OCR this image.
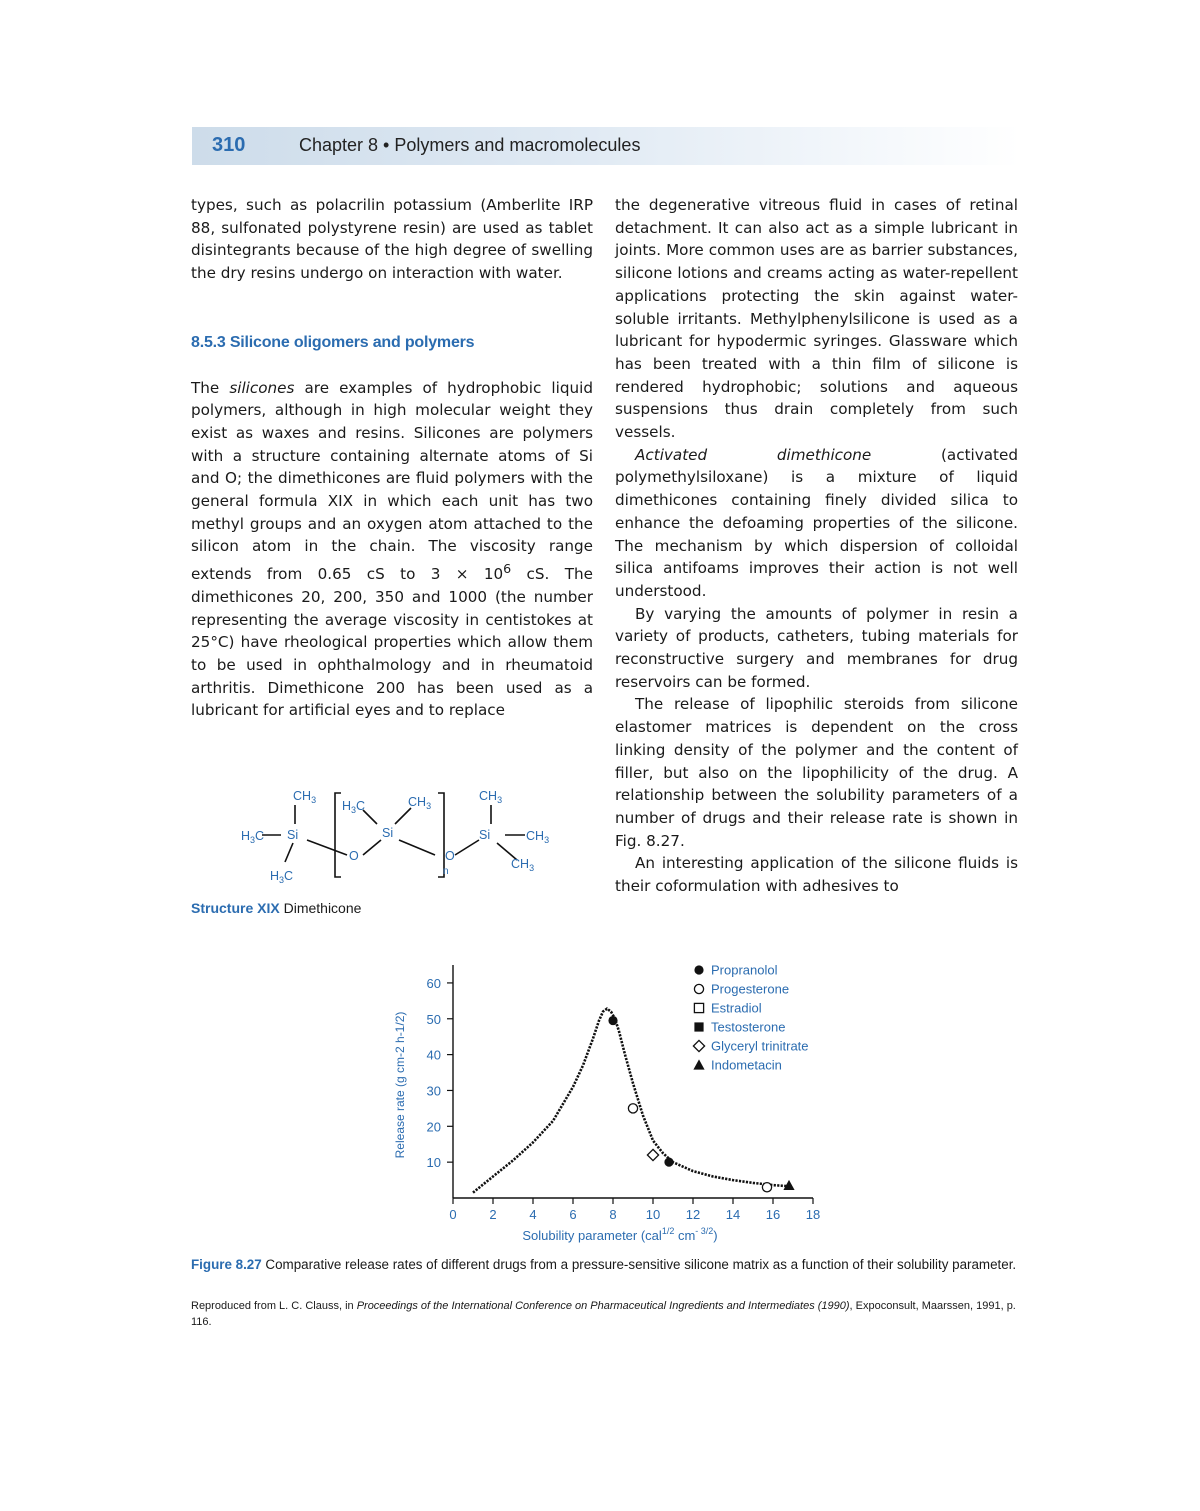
310	Chapter 8 • Polymers and macromolecules

types, such as polacrilin potassium (Amberlite IRP 88, sulfonated polystyrene resin) are used as tablet disintegrants because of the high degree of swelling the dry resins undergo on interaction with water.

8.5.3 Silicone oligomers and polymers

The silicones are examples of hydrophobic liquid polymers, although in high molecular weight they exist as waxes and resins. Silicones are polymers with a structure containing alternate atoms of Si and O; the dimethicones are fluid polymers with the general formula XIX in which each unit has two methyl groups and an oxygen atom attached to the silicon atom in the chain. The viscosity range extends from 0.65 cS to $3 \times 10^6$ cS. The dimethicones 20, 200, 350 and 1000 (the number representing the average viscosity in centistokes at 25°C) have rheological properties which allow them to be used in ophthalmology and in rheumatoid arthritis. Dimethicone 200 has been used as a lubricant for artificial eyes and to replace

the degenerative vitreous fluid in cases of retinal detachment. It can also act as a simple lubricant in joints. More common uses are as barrier substances, silicone lotions and creams acting as water-repellent applications protecting the skin against water-soluble irritants. Methylphenylsilicone is used as a lubricant for hypodermic syringes. Glassware which has been treated with a thin film of silicone is rendered hydrophobic; solutions and aqueous suspensions thus drain completely from such vessels.

Activated dimethicone (activated polymethylsiloxane) is a mixture of liquid dimethicones containing finely divided silica to enhance the defoaming properties of the silicone. The mechanism by which dispersion of colloidal silica antifoams improves their action is not well understood.

By varying the amounts of polymer in resin a variety of products, catheters, tubing materials for reconstructive surgery and membranes for drug reservoirs can be formed.

The release of lipophilic steroids from silicone elastomer matrices is dependent on the cross linking density of the polymer and the content of filler, but also on the lipophilicity of the drug. A relationship between the solubility parameters of a number of drugs and their release rate is shown in Fig. 8.27.

An interesting application of the silicone fluids is their coformulation with adhesives to

$CH_3$
$H_3C$ Si
$H_3C$
O
$H_3C$	$CH_3$
Si
O
n
$CH_3$
Si	$CH_3$
$CH_3$
Structure XIX Dimethicone
0	2	4	6	8 10 12 14 16 18
10
20
30
40
50
60
Propranolol
Progesterone
Estradiol
Testosterone
Glyceryl trinitrate
Indometacin
Solubility parameter (cal$^{1/2}$ $cm^{- 3/2}$)
Release rate (g cm-2 h-1/2)
Figure 8.27 Comparative release rates of different drugs from a pressure-sensitive silicone matrix as a function of their solubility parameter.
Reproduced from L. C. Clauss, in Proceedings of the International Conference on Pharmaceutical Ingredients and Intermediates (1990), Expoconsult, Maarssen, 1991, p. 116.
